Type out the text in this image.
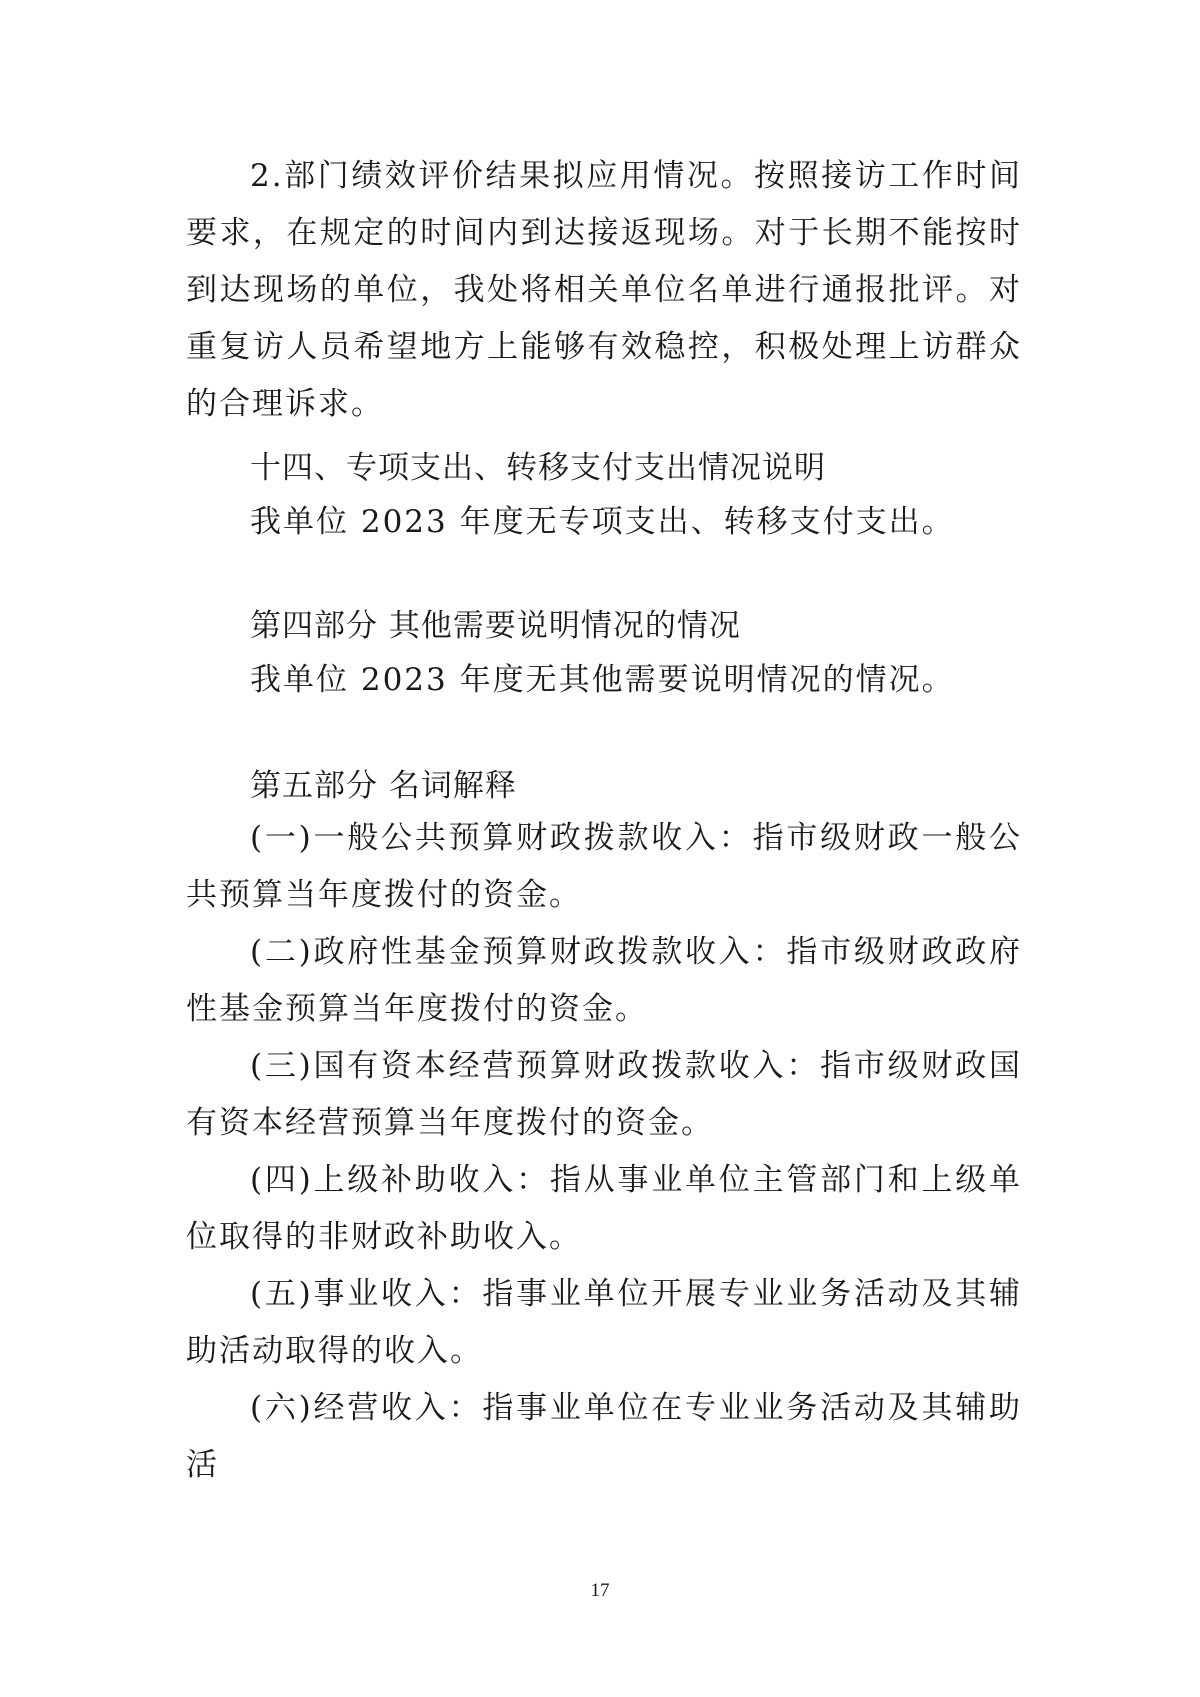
2.部门绩效评价结果拟应用情况。按照接访工作时间要求，在规定的时间内到达接返现场。对于长期不能按时到达现场的单位，我处将相关单位名单进行通报批评。对重复访人员希望地方上能够有效稳控，积极处理上访群众的合理诉求。

十四、专项支出、转移支付支出情况说明

我单位 2023 年度无专项支出、转移支付支出。

第四部分 其他需要说明情况的情况

我单位 2023 年度无其他需要说明情况的情况。

第五部分 名词解释

(一)一般公共预算财政拨款收入：指市级财政一般公共预算当年度拨付的资金。

(二)政府性基金预算财政拨款收入：指市级财政政府性基金预算当年度拨付的资金。

(三)国有资本经营预算财政拨款收入：指市级财政国有资本经营预算当年度拨付的资金。

(四)上级补助收入：指从事业单位主管部门和上级单位取得的非财政补助收入。

(五)事业收入：指事业单位开展专业业务活动及其辅助活动取得的收入。

(六)经营收入：指事业单位在专业业务活动及其辅助活

17
